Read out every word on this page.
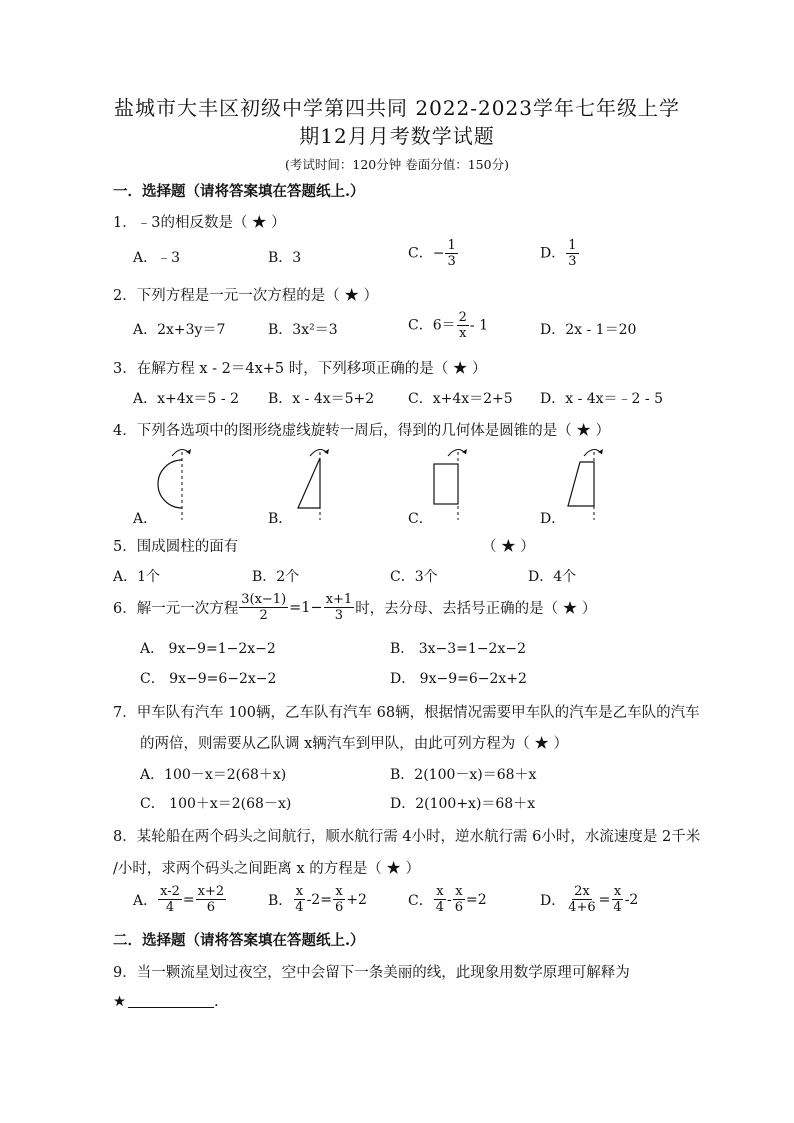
盐城市大丰区初级中学第四共同 2022-2023学年七年级上学
期12月月考数学试题
(考试时间：120分钟 卷面分值：150分)
一．选择题（请将答案填在答题纸上.）
1．﹣3的相反数是（ ★ ）
A．﹣3	B．3	C．− $\frac{1}{3}$	D． $\frac{1}{3}$
2．下列方程是一元一次方程的是（ ★ ）
A．2x+3y＝7	B．3x²＝3	C．$6= \frac{2}{x} - 1$	D．2x - 1＝20
3．在解方程 x - 2＝4x+5 时，下列移项正确的是（ ★ ）
A．x+4x＝5 - 2 B．x - 4x＝5+2 C．x+4x＝2+5 D．x - 4x＝﹣2 - 5
4．下列各选项中的图形绕虚线旋转一周后，得到的几何体是圆锥的是（ ★ ）
A．	B．	C．	D．
5．围成圆柱的面有	（ ★ ）
A．1个	B．2个	C．3个	D．4个
6．解一元一次方程 $\frac{3(x-1)}{2} =1- \frac{x+1}{3}$ 时，去分母、去括号正确的是（ ★ ）
A． 9x−9=1−2x−2	B． 3x−3=1−2x−2
C． 9x−9=6−2x−2	D． 9x−9=6−2x+2
7．甲车队有汽车 100辆，乙车队有汽车 68辆，根据情况需要甲车队的汽车是乙车队的汽车
的两倍，则需要从乙队调 x辆汽车到甲队，由此可列方程为（ ★ ）
A．100－x＝2(68＋x)	B．2(100－x)＝68＋x
C． 100＋x＝2(68－x)	D．2(100+x)＝68＋x
8．某轮船在两个码头之间航行，顺水航行需 4小时，逆水航行需 6小时，水流速度是 2千米
/小时，求两个码头之间距离 x 的方程是（ ★ ）
A． $\frac{x-2}{4} = \frac{x+2}{6}$	B． $\frac{x}{4} -2= \frac{x}{6} +2$	C． $\frac{x}{4} - \frac{x}{6} =2$	D． $\frac{2x}{4+6} = \frac{x}{4} -2$
二．选择题（请将答案填在答题纸上.）
9．当一颗流星划过夜空，空中会留下一条美丽的线，此现象用数学原理可解释为
★	.
